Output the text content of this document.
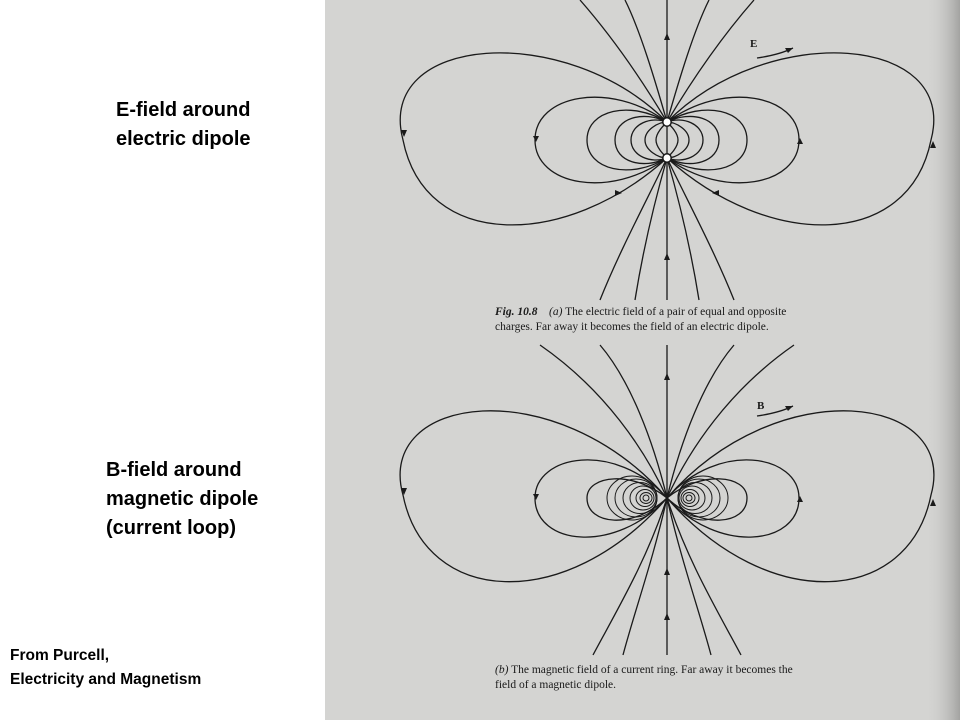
E-field around
electric dipole
B-field around
magnetic dipole
(current loop)
From Purcell,
Electricity and Magnetism
E
B
Fig. 10.8 (a) The electric field of a pair of equal and opposite
charges. Far away it becomes the field of an electric dipole.
(b) The magnetic field of a current ring. Far away it becomes the
field of a magnetic dipole.
